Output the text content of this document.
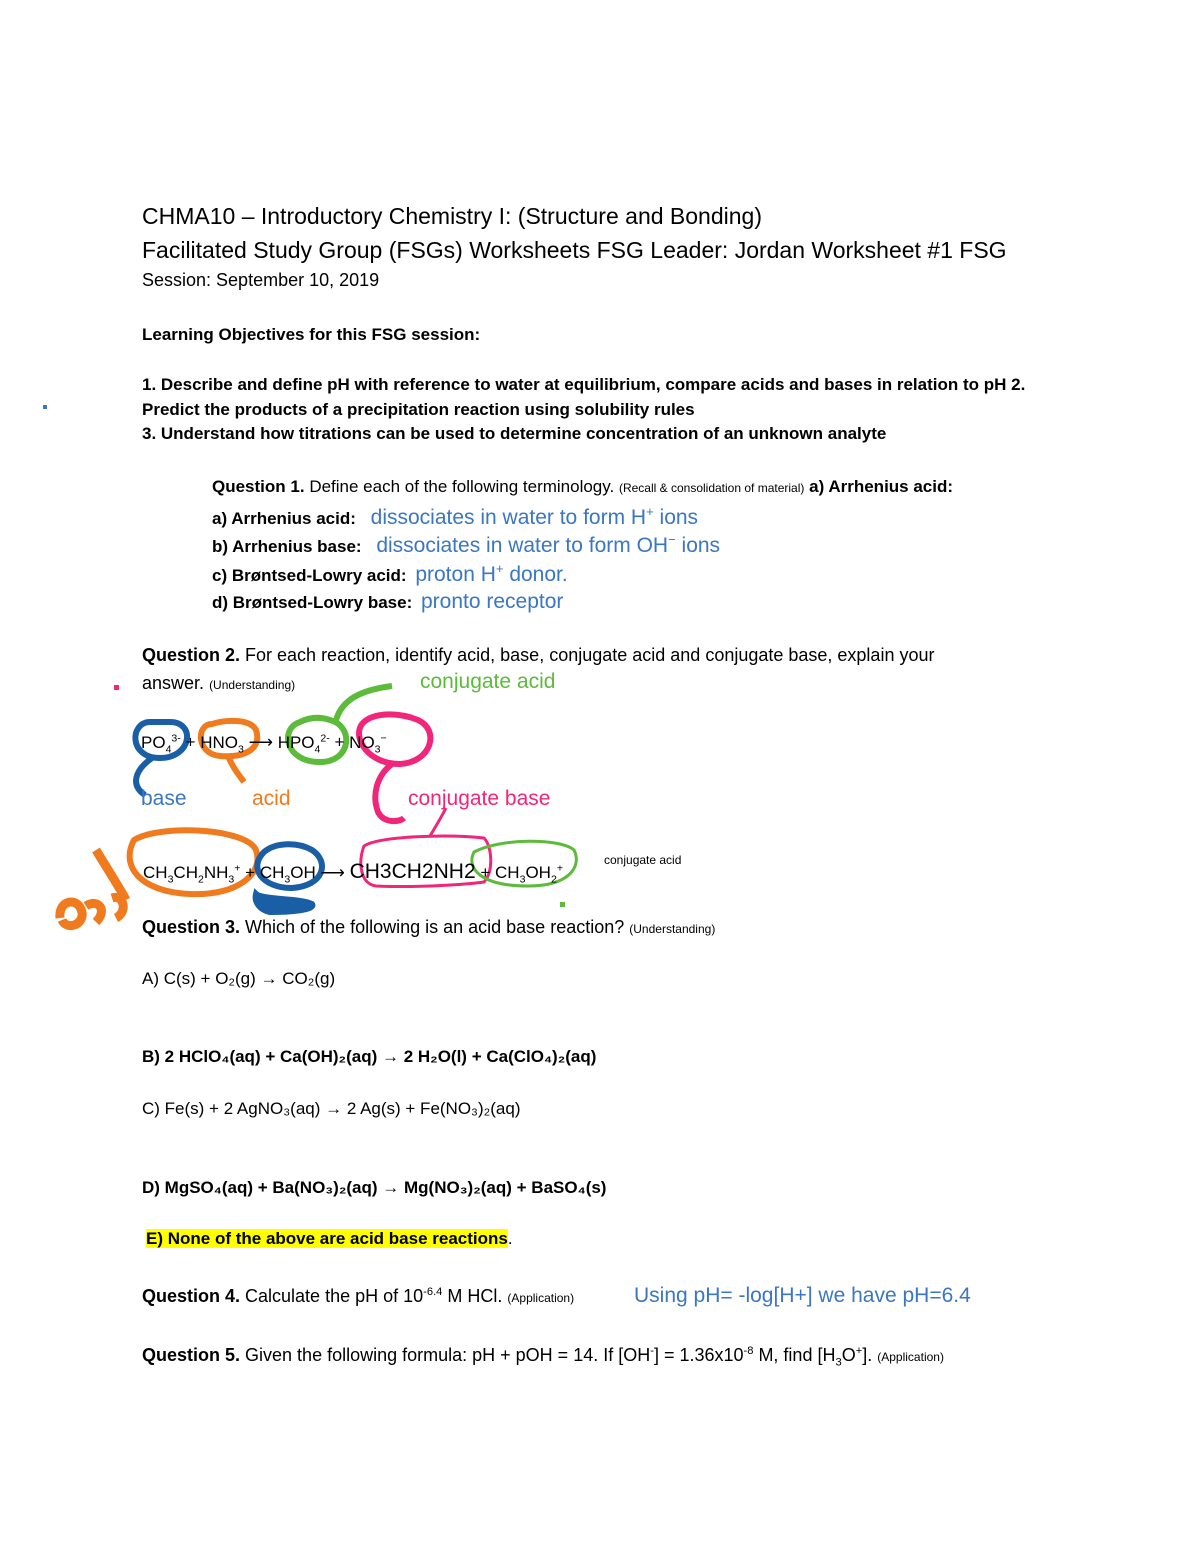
CHMA10 – Introductory Chemistry I: (Structure and Bonding)
Facilitated Study Group (FSGs) Worksheets FSG Leader: Jordan Worksheet #1 FSG
Session: September 10, 2019
Learning Objectives for this FSG session:
1. Describe and define pH with reference to water at equilibrium, compare acids and bases in relation to pH 2.
Predict the products of a precipitation reaction using solubility rules
3. Understand how titrations can be used to determine concentration of an unknown analyte
Question 1. Define each of the following terminology. (Recall & consolidation of material) a) Arrhenius acid:
a) Arrhenius acid: dissociates in water to form H+ ions
b) Arrhenius base: dissociates in water to form OH− ions
c) Brøntsed-Lowry acid: proton H+ donor.
d) Brøntsed-Lowry base: pronto receptor
Question 2. For each reaction, identify acid, base, conjugate acid and conjugate base, explain your
answer. (Understanding)	conjugate acid
$PO_4^{3-} + HNO_3$ ⟶ $HPO_4^{2-} + NO_3^-$
base	acid	conjugate base
$CH_3CH_2NH_3^+ + CH_3OH$ ⟶ $CH3CH2NH2 + CH_3OH_2^+$
conjugate acid
Question 3. Which of the following is an acid base reaction? (Understanding)
A) C(s) + O₂(g) → CO₂(g)
B) 2 HClO₄(aq) + Ca(OH)₂(aq) → 2 H₂O(l) + Ca(ClO₄)₂(aq)
C) Fe(s) + 2 AgNO₃(aq) → 2 Ag(s) + Fe(NO₃)₂(aq)
D) MgSO₄(aq) + Ba(NO₃)₂(aq) → Mg(NO₃)₂(aq) + BaSO₄(s)
E) None of the above are acid base reactions.
Question 4. Calculate the pH of $10^{-6.4}$ M HCl. (Application)	Using pH= -log[H+] we have pH=6.4
Question 5. Given the following formula: pH + pOH = 14. If $[OH^-] = 1.36x10^{-8}$ M, find $[H_3O^+]$. (Application)
